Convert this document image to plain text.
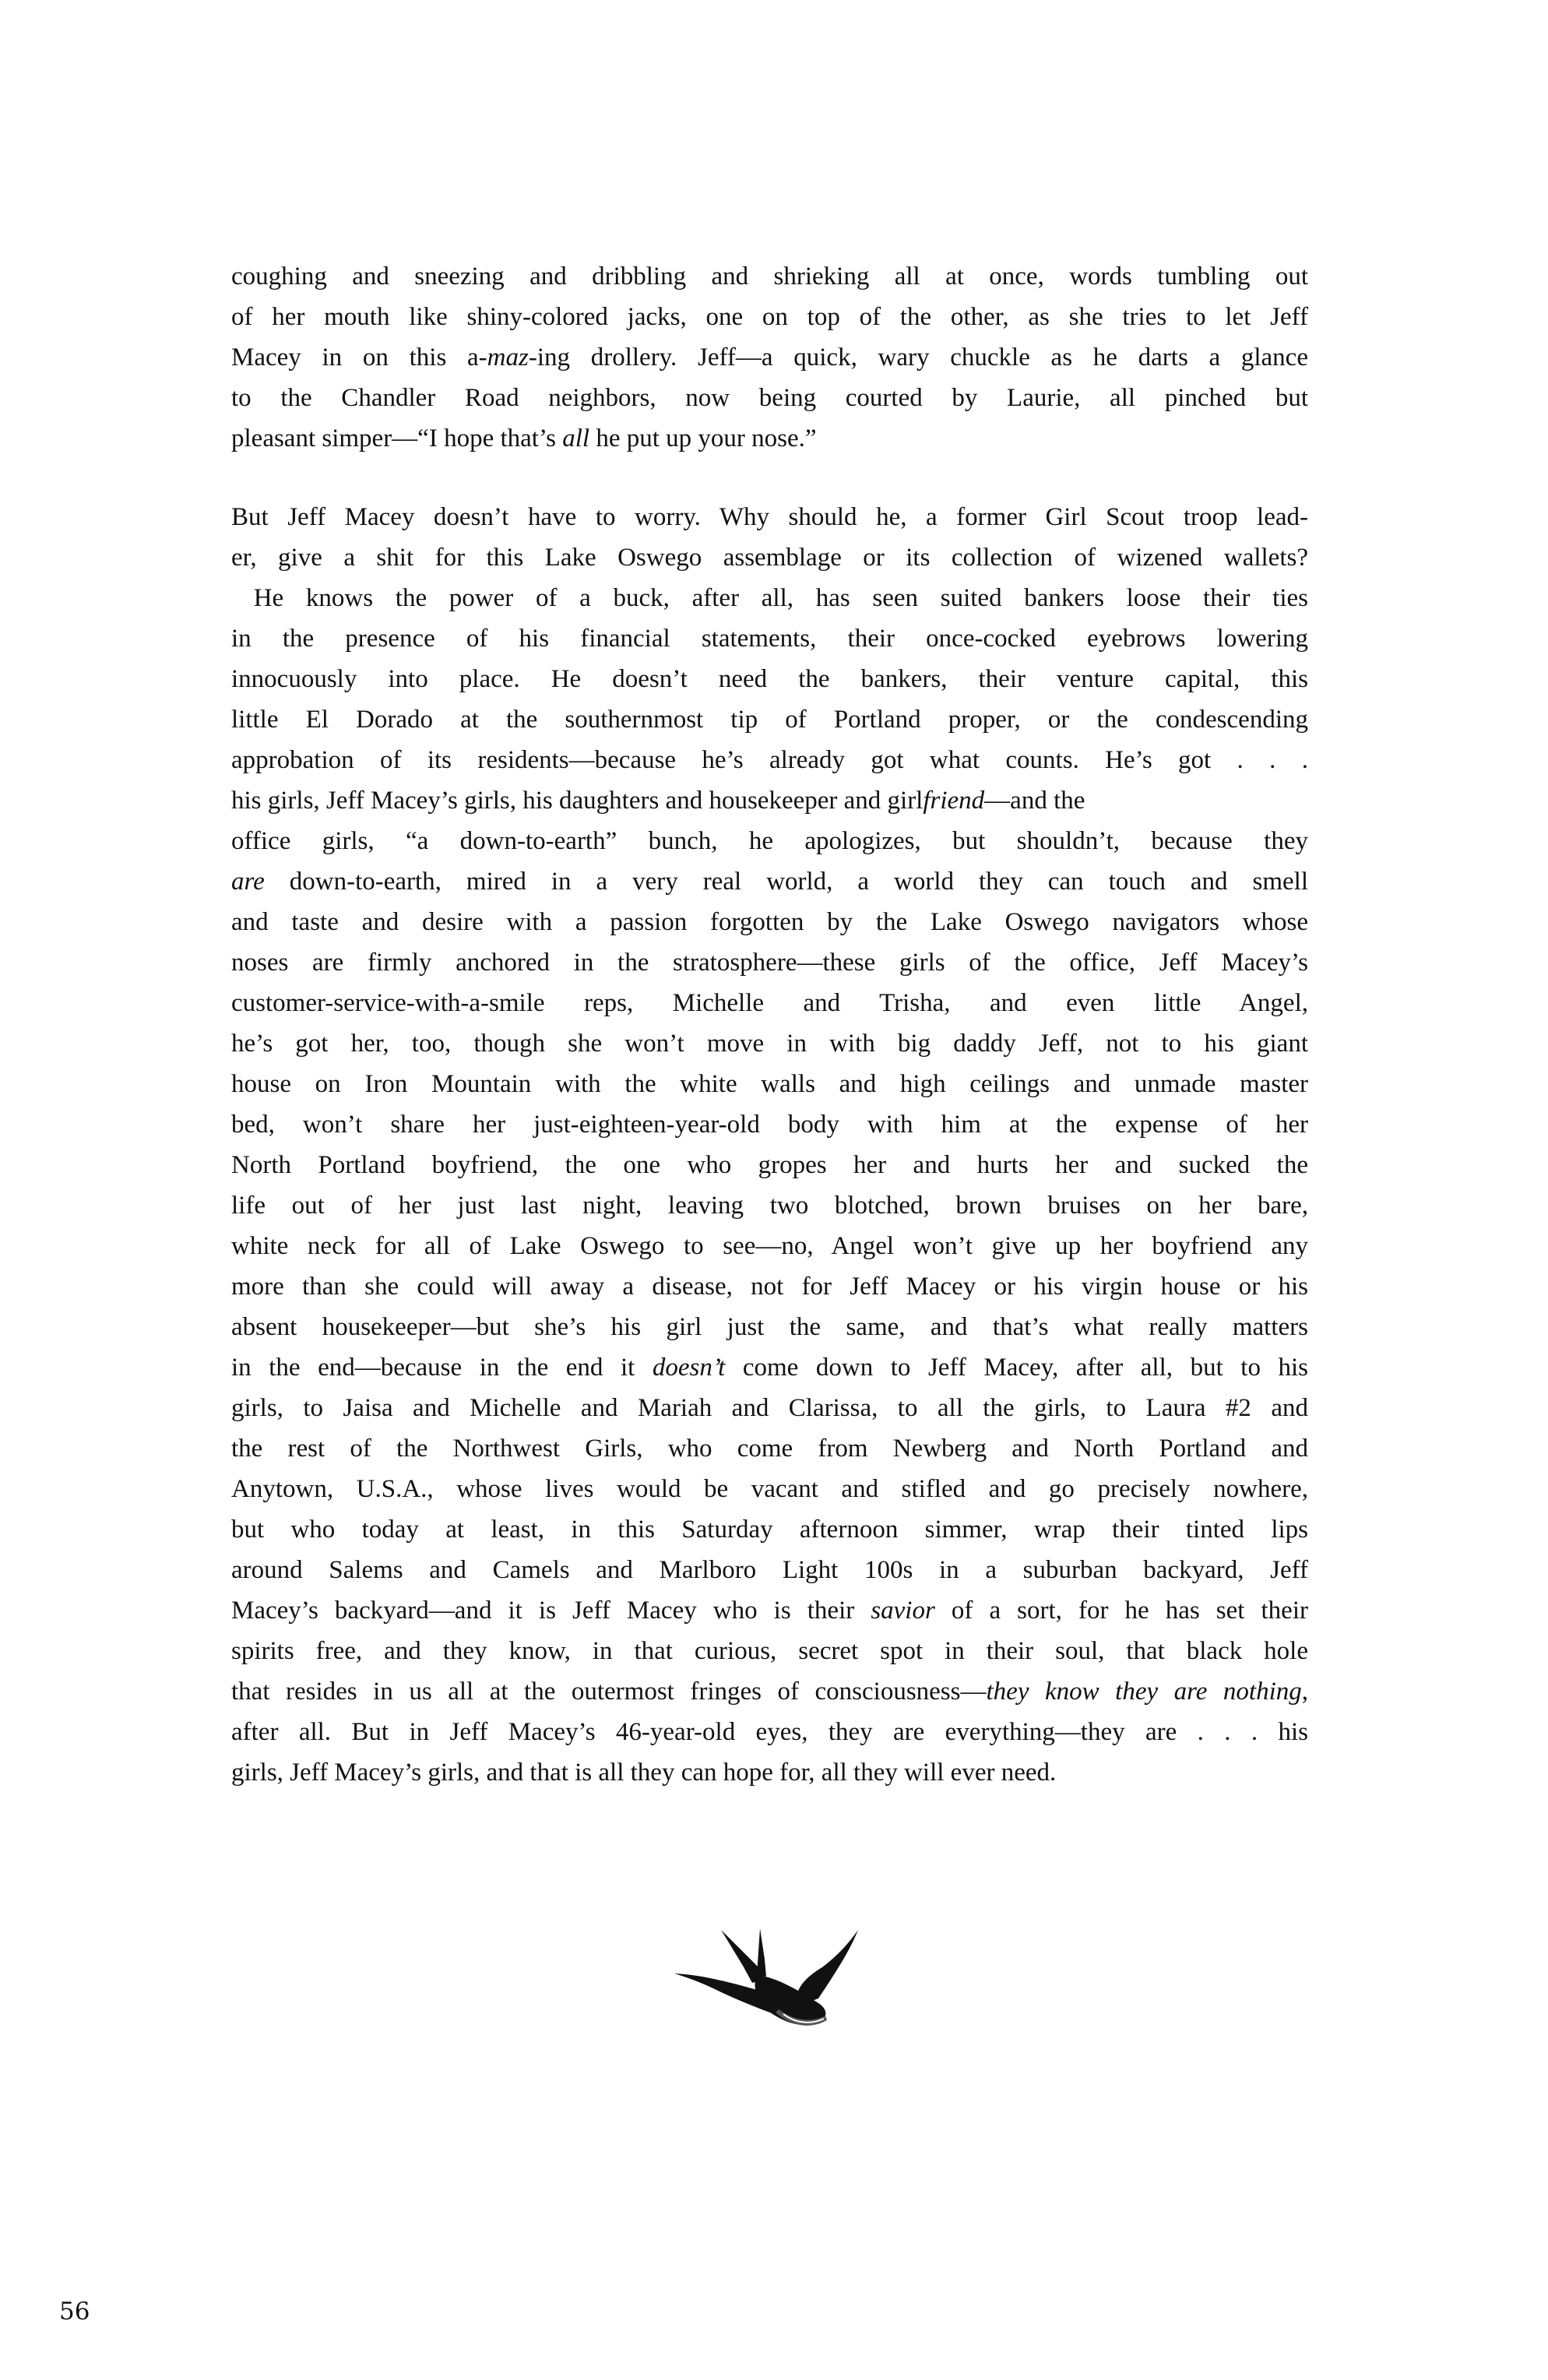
coughing and sneezing and dribbling and shrieking all at once, words tumbling out
of her mouth like shiny-colored jacks, one on top of the other, as she tries to let Jeff
Macey in on this a-maz-ing drollery. Jeff—a quick, wary chuckle as he darts a glance
to the Chandler Road neighbors, now being courted by Laurie, all pinched but
pleasant simper—“I hope that’s all he put up your nose.”
But Jeff Macey doesn’t have to worry. Why should he, a former Girl Scout troop lead-
er, give a shit for this Lake Oswego assemblage or its collection of wizened wallets?
He knows the power of a buck, after all, has seen suited bankers loose their ties
in the presence of his financial statements, their once-cocked eyebrows lowering
innocuously into place. He doesn’t need the bankers, their venture capital, this
little El Dorado at the southernmost tip of Portland proper, or the condescending
approbation of its residents—because he’s already got what counts. He’s got . . .
his girls, Jeff Macey’s girls, his daughters and housekeeper and girlfriend—and the
office girls, “a down-to-earth” bunch, he apologizes, but shouldn’t, because they
are down-to-earth, mired in a very real world, a world they can touch and smell
and taste and desire with a passion forgotten by the Lake Oswego navigators whose
noses are firmly anchored in the stratosphere—these girls of the office, Jeff Macey’s
customer-service-with-a-smile reps, Michelle and Trisha, and even little Angel,
he’s got her, too, though she won’t move in with big daddy Jeff, not to his giant
house on Iron Mountain with the white walls and high ceilings and unmade master
bed, won’t share her just-eighteen-year-old body with him at the expense of her
North Portland boyfriend, the one who gropes her and hurts her and sucked the
life out of her just last night, leaving two blotched, brown bruises on her bare,
white neck for all of Lake Oswego to see—no, Angel won’t give up her boyfriend any
more than she could will away a disease, not for Jeff Macey or his virgin house or his
absent housekeeper—but she’s his girl just the same, and that’s what really matters
in the end—because in the end it doesn’t come down to Jeff Macey, after all, but to his
girls, to Jaisa and Michelle and Mariah and Clarissa, to all the girls, to Laura #2 and
the rest of the Northwest Girls, who come from Newberg and North Portland and
Anytown, U.S.A., whose lives would be vacant and stifled and go precisely nowhere,
but who today at least, in this Saturday afternoon simmer, wrap their tinted lips
around Salems and Camels and Marlboro Light 100s in a suburban backyard, Jeff
Macey’s backyard—and it is Jeff Macey who is their savior of a sort, for he has set their
spirits free, and they know, in that curious, secret spot in their soul, that black hole
that resides in us all at the outermost fringes of consciousness—they know they are nothing,
after all. But in Jeff Macey’s 46-year-old eyes, they are everything—they are . . . his
girls, Jeff Macey’s girls, and that is all they can hope for, all they will ever need.
56
